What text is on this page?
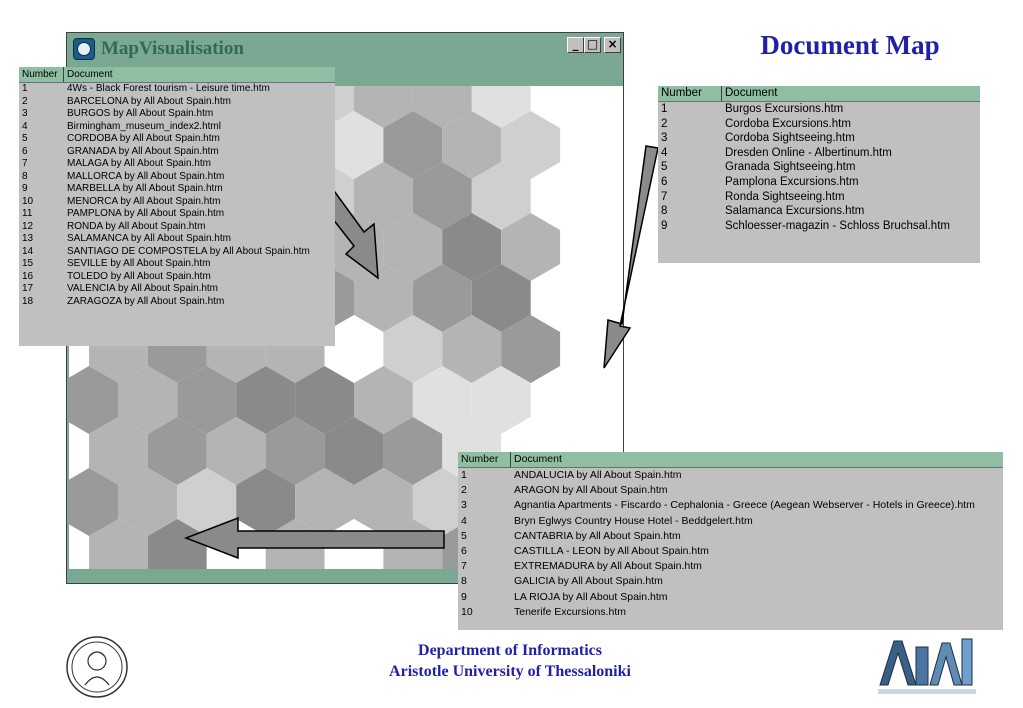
Document Map
MapVisualisation	_ □ ×
Number Document
1	4Ws - Black Forest tourism - Leisure time.htm
2	BARCELONA by All About Spain.htm
3	BURGOS by All About Spain.htm
4	Birmingham_museum_index2.html
5	CORDOBA by All About Spain.htm
6	GRANADA by All About Spain.htm
7	MALAGA by All About Spain.htm
8	MALLORCA by All About Spain.htm
9	MARBELLA by All About Spain.htm
10	MENORCA by All About Spain.htm
11	PAMPLONA by All About Spain.htm
12	RONDA by All About Spain.htm
13	SALAMANCA by All About Spain.htm
14	SANTIAGO DE COMPOSTELA by All About Spain.htm
15	SEVILLE by All About Spain.htm
16	TOLEDO by All About Spain.htm
17	VALENCIA by All About Spain.htm
18	ZARAGOZA by All About Spain.htm
Number	Document
1	Burgos Excursions.htm
2	Cordoba Excursions.htm
3	Cordoba Sightseeing.htm
4	Dresden Online - Albertinum.htm
5	Granada Sightseeing.htm
6	Pamplona Excursions.htm
7	Ronda Sightseeing.htm
8	Salamanca Excursions.htm
9	Schloesser-magazin - Schloss Bruchsal.htm
Number	Document
1	ANDALUCIA by All About Spain.htm
2	ARAGON by All About Spain.htm
3	Agnantia Apartments - Fiscardo - Cephalonia - Greece (Aegean Webserver - Hotels in Greece).htm
4	Bryn Eglwys Country House Hotel - Beddgelert.htm
5	CANTABRIA by All About Spain.htm
6	CASTILLA - LEON by All About Spain.htm
7	EXTREMADURA by All About Spain.htm
8	GALICIA by All About Spain.htm
9	LA RIOJA by All About Spain.htm
10	Tenerife Excursions.htm
Department of Informatics
Aristotle University of Thessaloniki
